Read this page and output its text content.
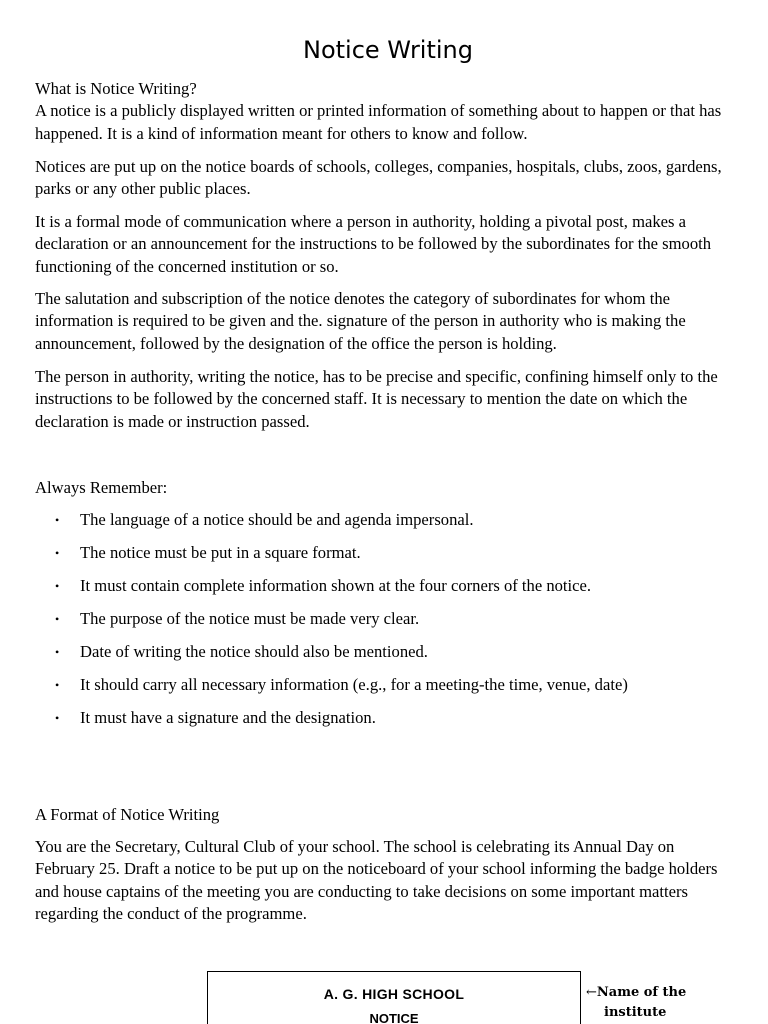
Notice Writing

What is Notice Writing?

A notice is a publicly displayed written or printed information of something about to happen or that has happened. It is a kind of information meant for others to know and follow.

Notices are put up on the notice boards of schools, colleges, companies, hospitals, clubs, zoos, gardens, parks or any other public places.
It is a formal mode of communication where a person in authority, holding a pivotal post, makes a declaration or an announcement for the instructions to be followed by the subordinates for the smooth functioning of the concerned institution or so.
The salutation and subscription of the notice denotes the category of subordinates for whom the information is required to be given and the. signature of the person in authority who is making the announcement, followed by the designation of the office the person is holding.
The person in authority, writing the notice, has to be precise and specific, confining himself only to the instructions to be followed by the concerned staff. It is necessary to mention the date on which the declaration is made or instruction passed.
Always Remember:
• The language of a notice should be and agenda impersonal.
• The notice must be put in a square format.
• It must contain complete information shown at the four corners of the notice.
• The purpose of the notice must be made very clear.
• Date of writing the notice should also be mentioned.
• It should carry all necessary information (e.g., for a meeting-the time, venue, date)
• It must have a signature and the designation.
A Format of Notice Writing
You are the Secretary, Cultural Club of your school. The school is celebrating its Annual Day on February 25. Draft a notice to be put up on the noticeboard of your school informing the badge holders and house captains of the meeting you are conducting to take decisions on some important matters regarding the conduct of the programme.
A. G. HIGH SCHOOL
NOTICE
←Name of the
institute
